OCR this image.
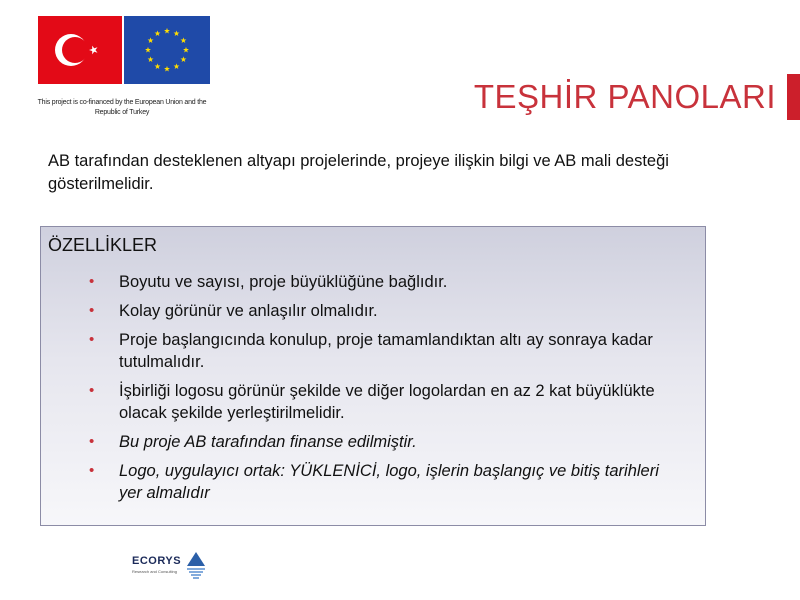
This project is co-financed by the European Union and the Republic of Turkey	TEŞHİR PANOLARI
AB tarafından desteklenen altyapı projelerinde, projeye ilişkin bilgi ve AB mali desteği gösterilmelidir.
ÖZELLİKLER
• Boyutu ve sayısı, proje büyüklüğüne bağlıdır.
• Kolay görünür ve anlaşılır olmalıdır.
• Proje başlangıcında konulup, proje tamamlandıktan altı ay sonraya kadar tutulmalıdır.
• İşbirliği logosu görünür şekilde ve diğer logolardan en az 2 kat büyüklükte olacak şekilde yerleştirilmelidir.
• Bu proje AB tarafından finanse edilmiştir.
• Logo, uygulayıcı ortak: YÜKLENİCİ, logo, işlerin başlangıç ve bitiş tarihleri yer almalıdır
ECORYS
Research and Consulting
